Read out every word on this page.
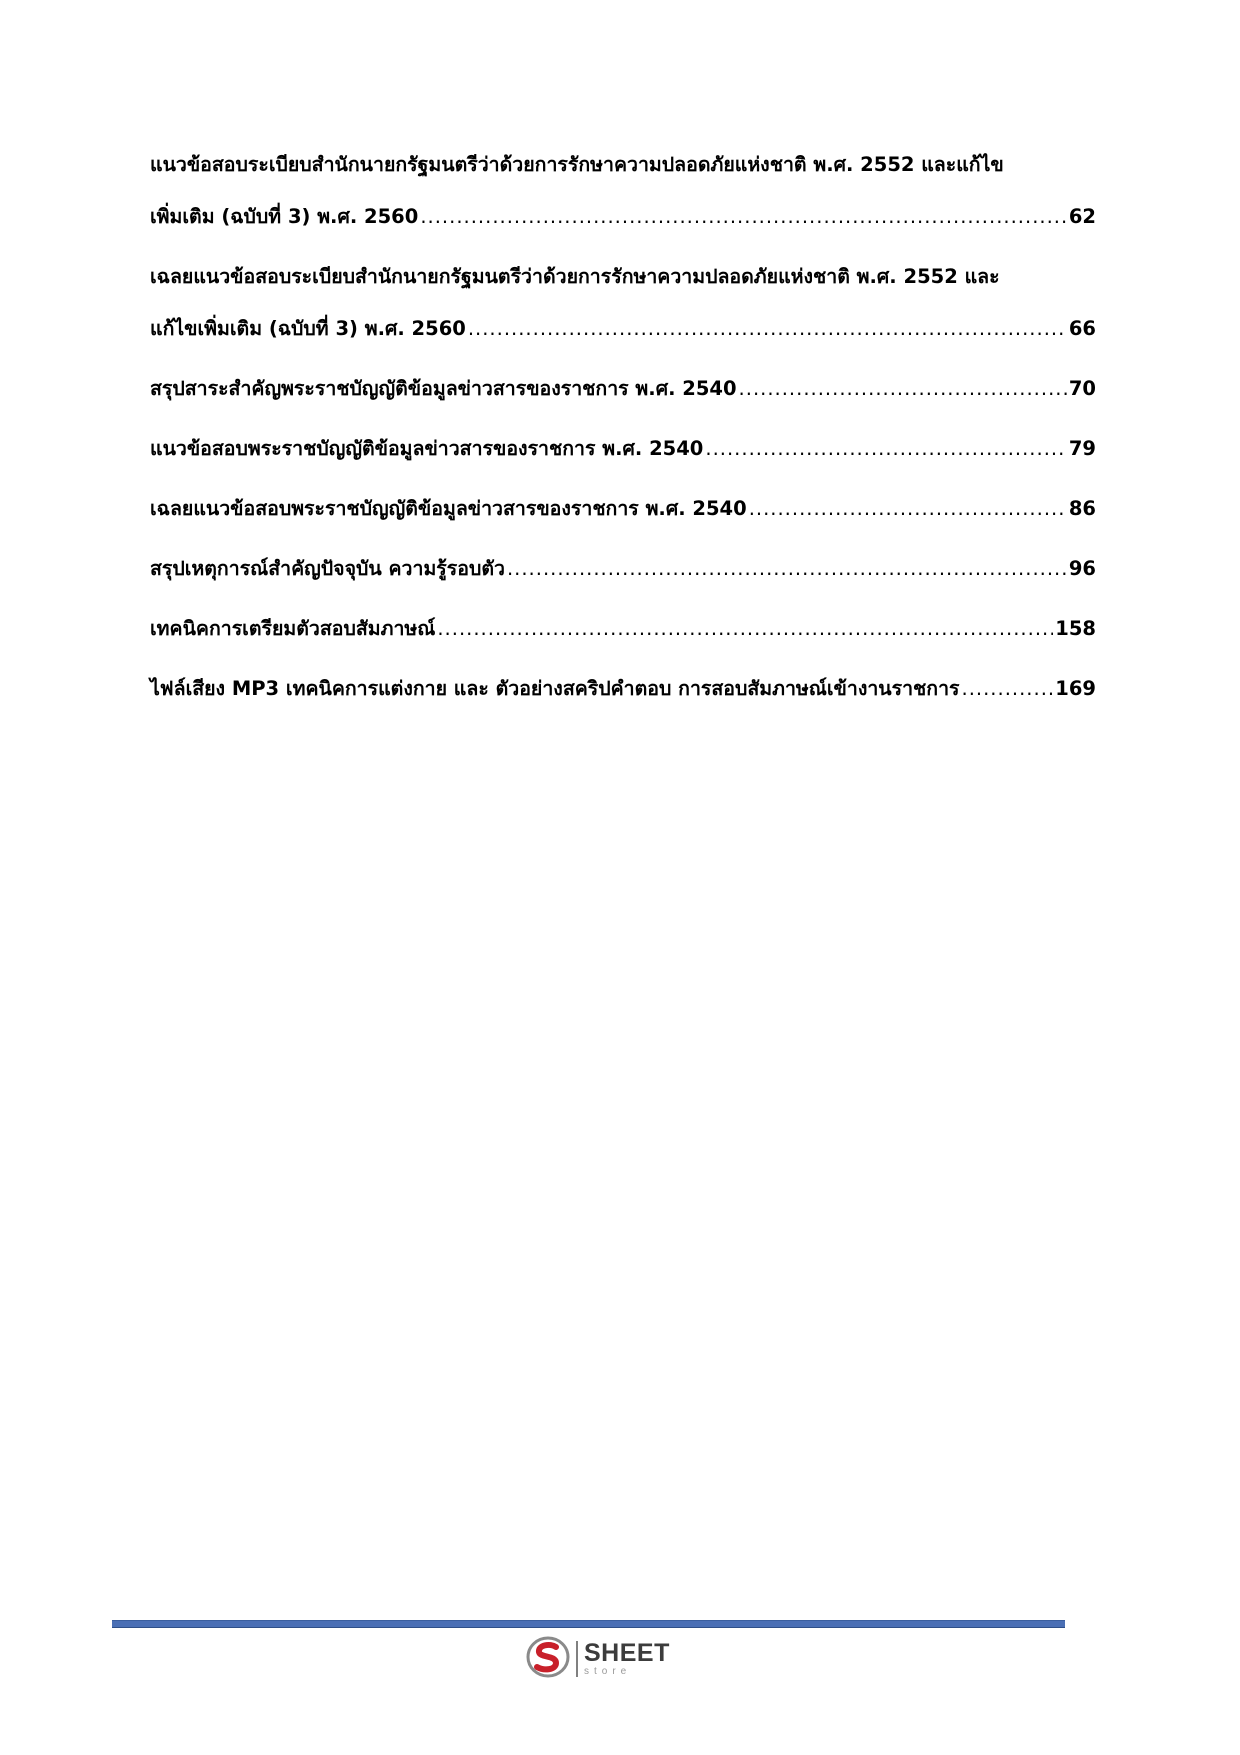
แนวข้อสอบระเบียบสำนักนายกรัฐมนตรีว่าด้วยการรักษาความปลอดภัยแห่งชาติ พ.ศ. 2552 และแก้ไข
เพิ่มเติม (ฉบับที่ 3) พ.ศ. 2560 .....	62
เฉลยแนวข้อสอบระเบียบสำนักนายกรัฐมนตรีว่าด้วยการรักษาความปลอดภัยแห่งชาติ พ.ศ. 2552 และ
แก้ไขเพิ่มเติม (ฉบับที่ 3) พ.ศ. 2560 .....	66
สรุปสาระสำคัญพระราชบัญญัติข้อมูลข่าวสารของราชการ พ.ศ. 2540 .....	70
แนวข้อสอบพระราชบัญญัติข้อมูลข่าวสารของราชการ พ.ศ. 2540 .....	79
เฉลยแนวข้อสอบพระราชบัญญัติข้อมูลข่าวสารของราชการ พ.ศ. 2540 .....	86
สรุปเหตุการณ์สำคัญปัจจุบัน ความรู้รอบตัว .....	96
เทคนิคการเตรียมตัวสอบสัมภาษณ์ .....	158
ไฟล์เสียง MP3 เทคนิคการแต่งกาย และ ตัวอย่างสคริปคำตอบ การสอบสัมภาษณ์เข้างานราชการ .....	169
SHEET
store
